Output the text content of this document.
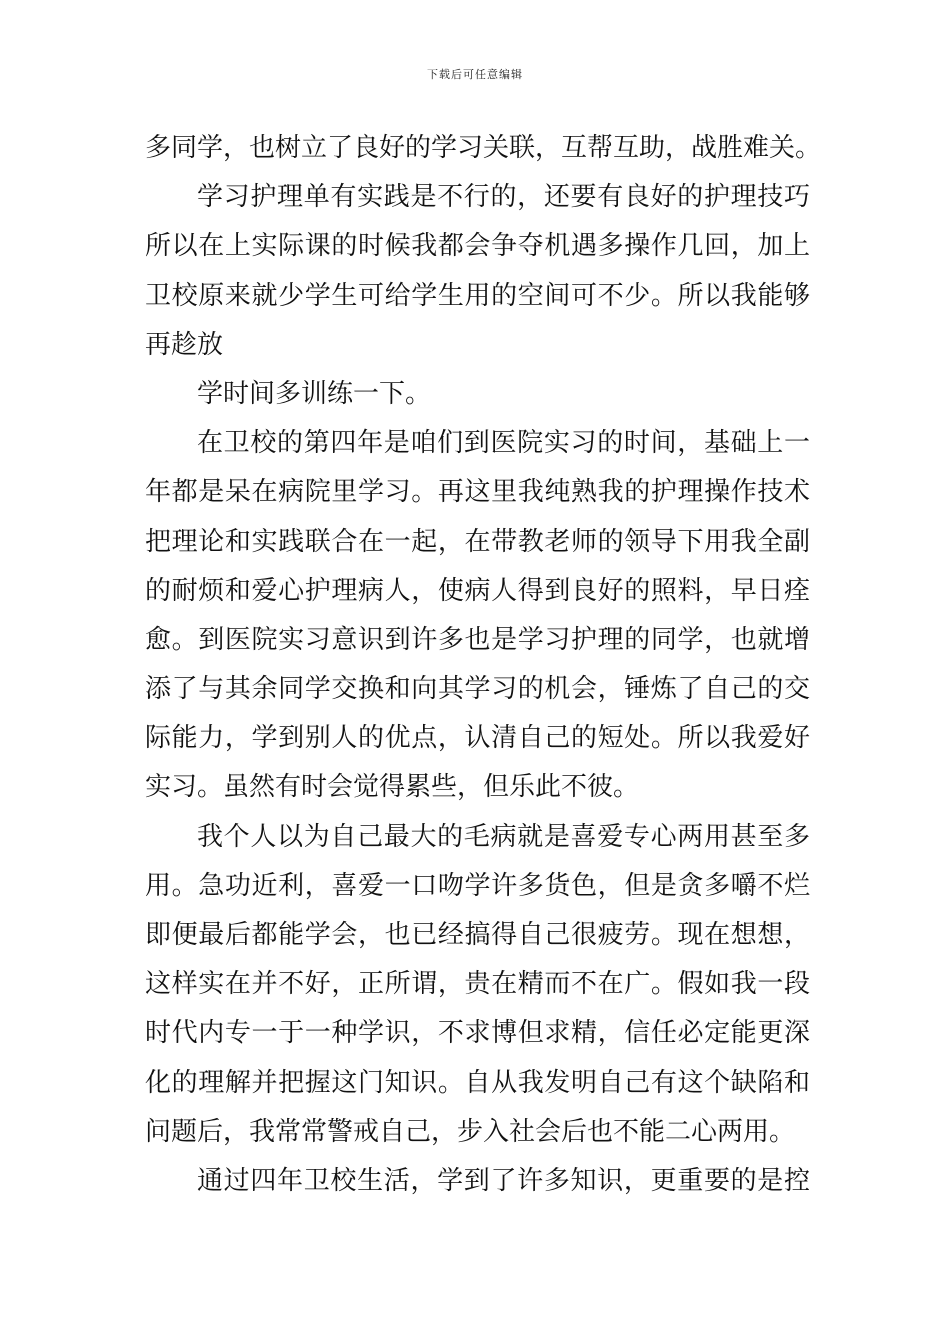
下载后可任意编辑
多同学，也树立了良好的学习关联，互帮互助，战胜难关。
学习护理单有实践是不行的，还要有良好的护理技巧
所以在上实际课的时候我都会争夺机遇多操作几回，加上
卫校原来就少学生可给学生用的空间可不少。所以我能够
再趁放
学时间多训练一下。
在卫校的第四年是咱们到医院实习的时间，基础上一
年都是呆在病院里学习。再这里我纯熟我的护理操作技术
把理论和实践联合在一起，在带教老师的领导下用我全副
的耐烦和爱心护理病人，使病人得到良好的照料，早日痊
愈。到医院实习意识到许多也是学习护理的同学，也就增
添了与其余同学交换和向其学习的机会，锤炼了自己的交
际能力，学到别人的优点，认清自己的短处。所以我爱好
实习。虽然有时会觉得累些，但乐此不彼。
我个人以为自己最大的毛病就是喜爱专心两用甚至多
用。急功近利，喜爱一口吻学许多货色，但是贪多嚼不烂
即便最后都能学会，也已经搞得自己很疲劳。现在想想，
这样实在并不好，正所谓，贵在精而不在广。假如我一段
时代内专一于一种学识，不求博但求精，信任必定能更深
化的理解并把握这门知识。自从我发明自己有这个缺陷和
问题后，我常常警戒自己，步入社会后也不能二心两用。
通过四年卫校生活，学到了许多知识，更重要的是控
